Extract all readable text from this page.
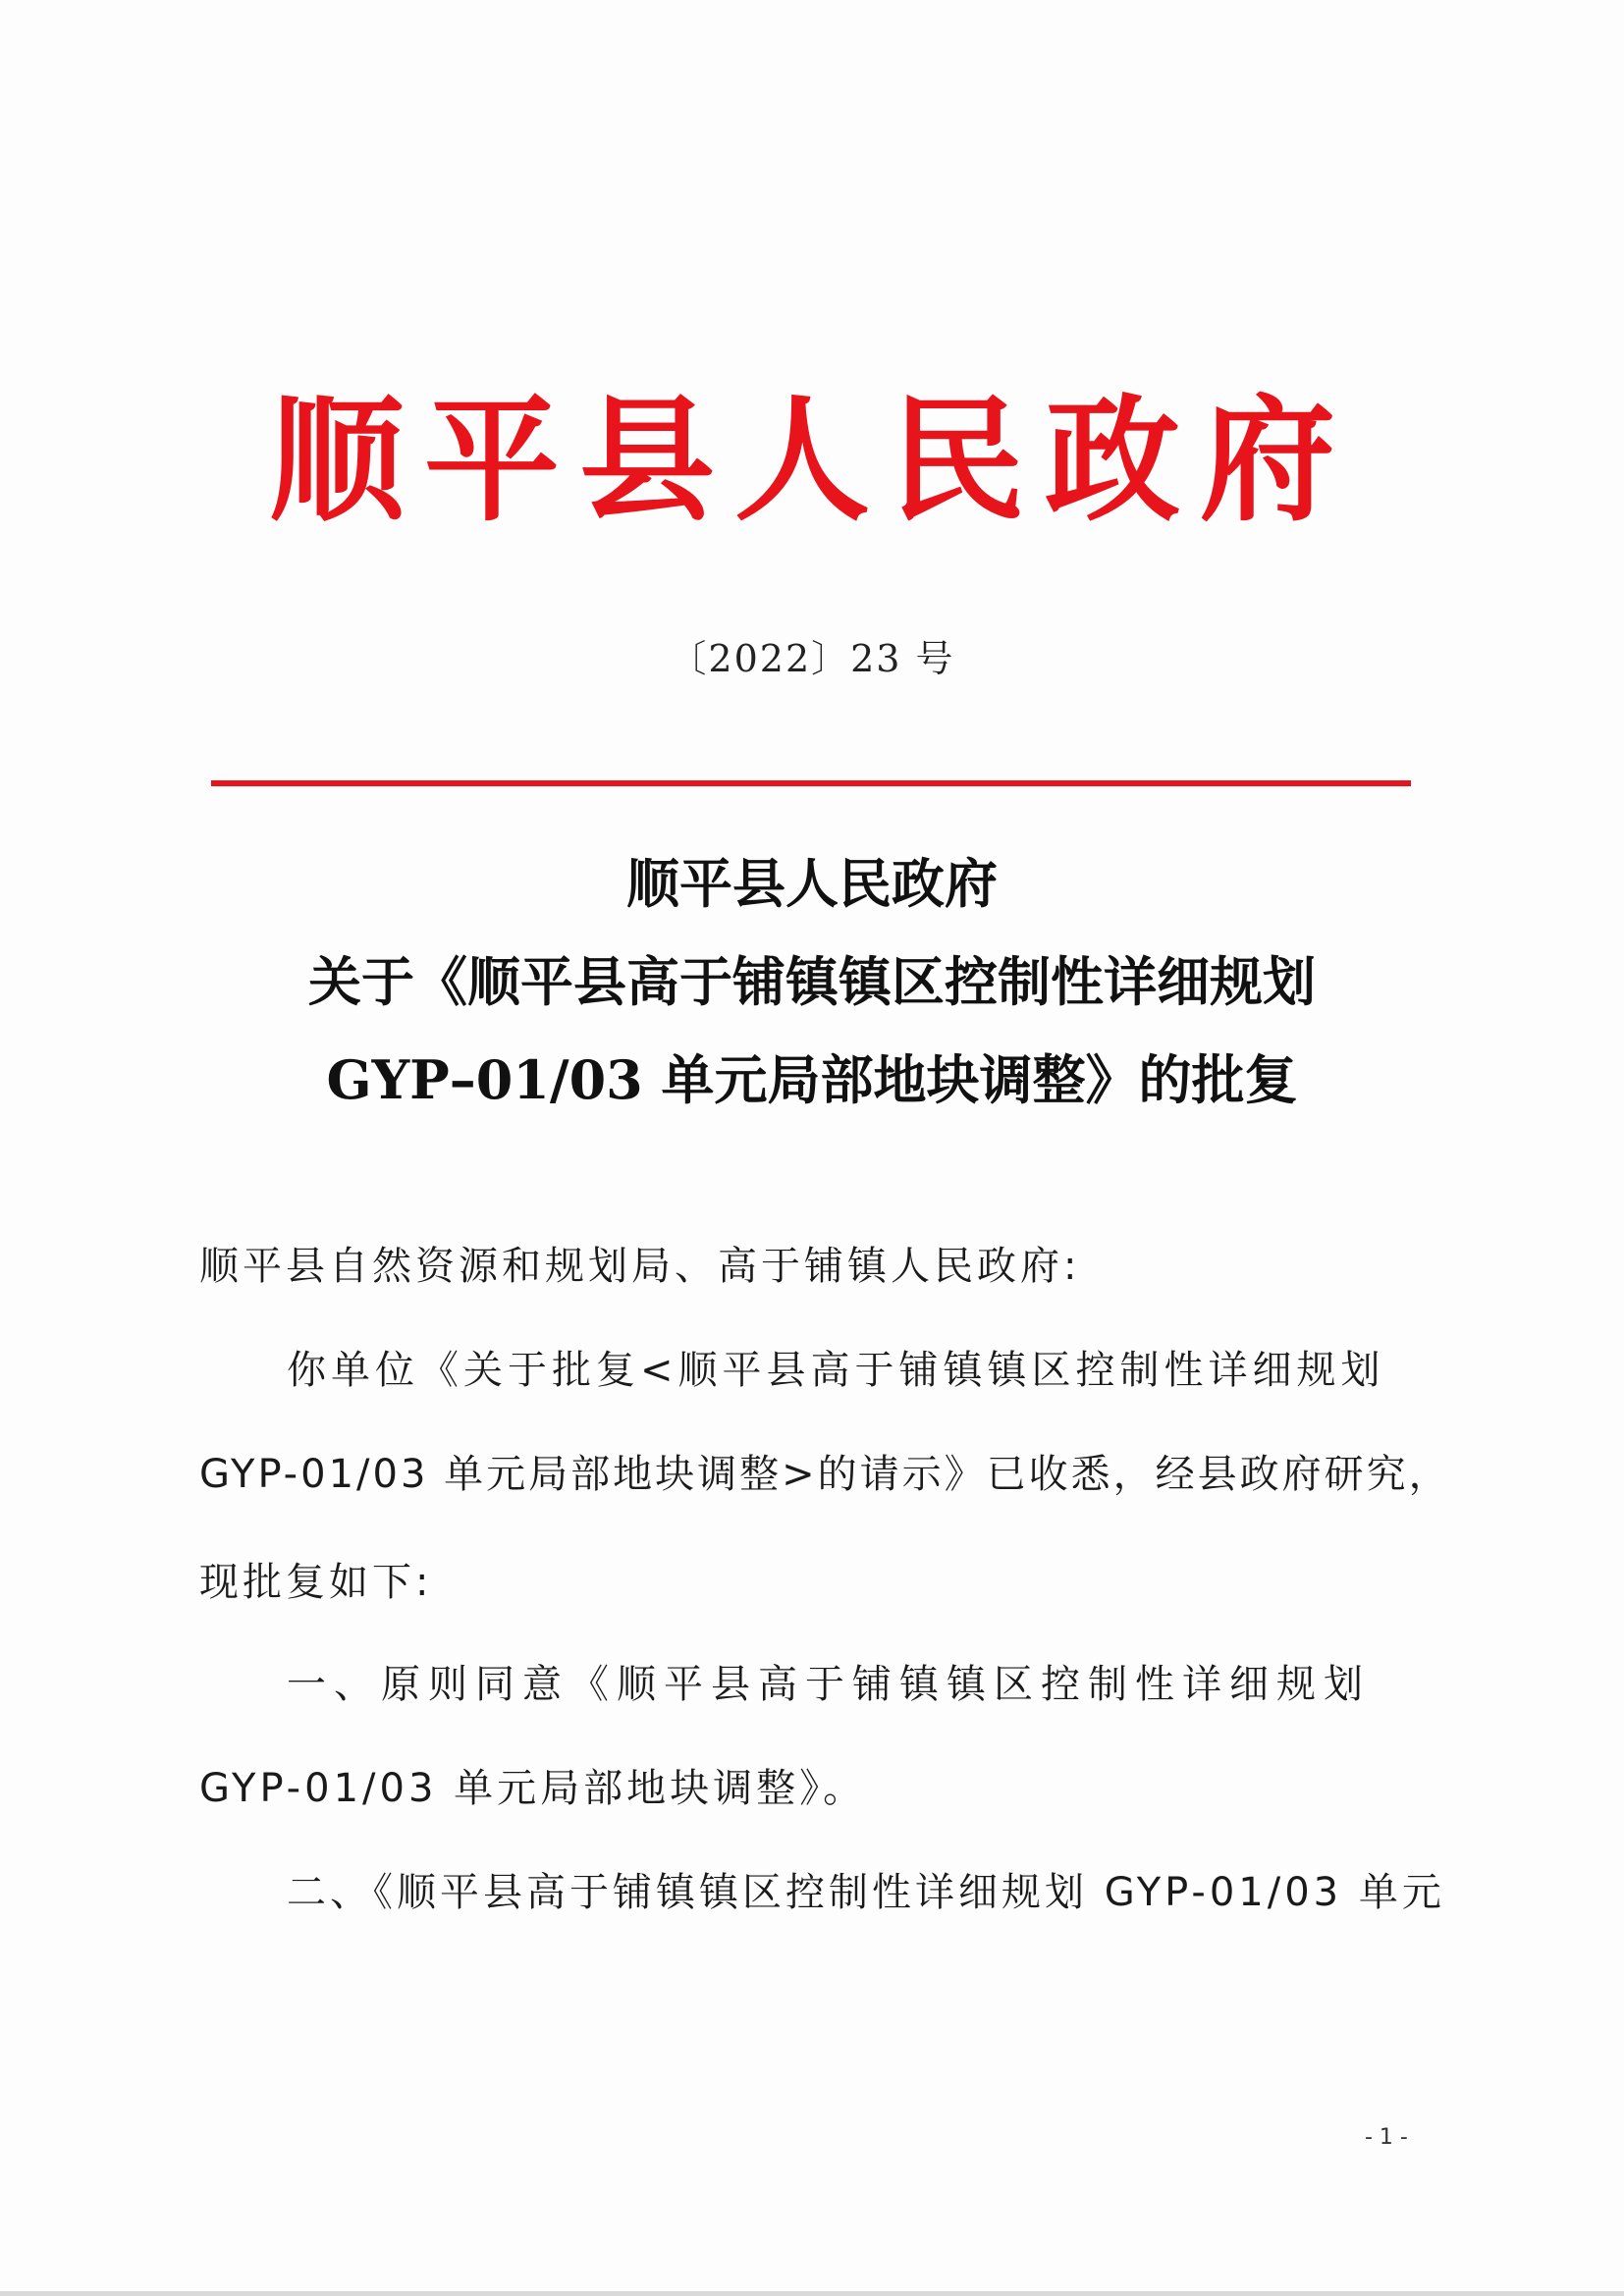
顺平县人民政府
〔2022〕23 号
顺平县人民政府
关于《顺平县高于铺镇镇区控制性详细规划
GYP–01/03 单元局部地块调整》的批复
顺平县自然资源和规划局、高于铺镇人民政府:
你单位《关于批复<顺平县高于铺镇镇区控制性详细规划
GYP-01/03 单元局部地块调整>的请示》已收悉，经县政府研究，
现批复如下:
一、原则同意《顺平县高于铺镇镇区控制性详细规划
GYP-01/03 单元局部地块调整》。
二、《顺平县高于铺镇镇区控制性详细规划 GYP-01/03 单元
- 1 -
